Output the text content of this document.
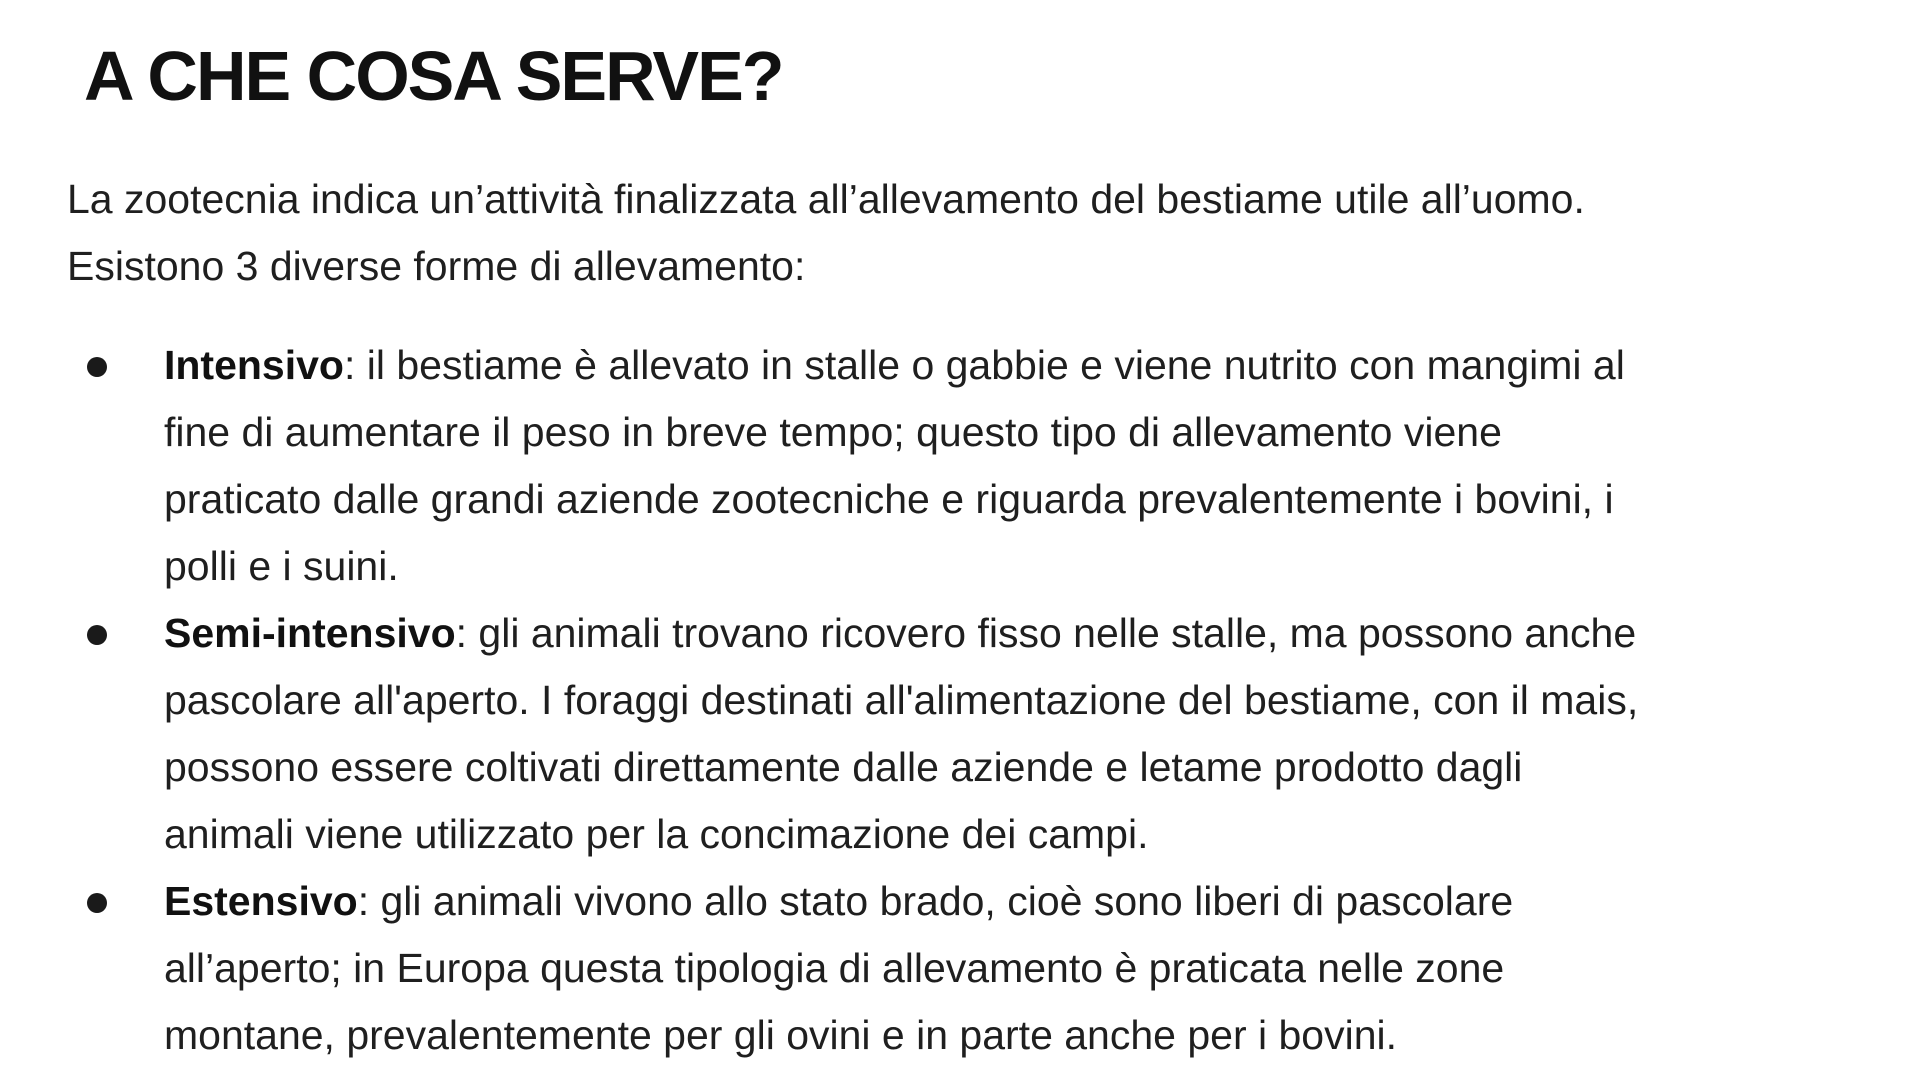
A CHE COSA SERVE?

La zootecnia indica un’attività finalizzata all’allevamento del bestiame utile all’uomo.

Esistono 3 diverse forme di allevamento:

Intensivo: il bestiame è allevato in stalle o gabbie e viene nutrito con mangimi al
fine di aumentare il peso in breve tempo; questo tipo di allevamento viene
praticato dalle grandi aziende zootecniche e riguarda prevalentemente i bovini, i
polli e i suini.
Semi-intensivo: gli animali trovano ricovero fisso nelle stalle, ma possono anche
pascolare all'aperto. I foraggi destinati all'alimentazione del bestiame, con il mais,
possono essere coltivati direttamente dalle aziende e letame prodotto dagli
animali viene utilizzato per la concimazione dei campi.
Estensivo: gli animali vivono allo stato brado, cioè sono liberi di pascolare
all’aperto; in Europa questa tipologia di allevamento è praticata nelle zone
montane, prevalentemente per gli ovini e in parte anche per i bovini.
